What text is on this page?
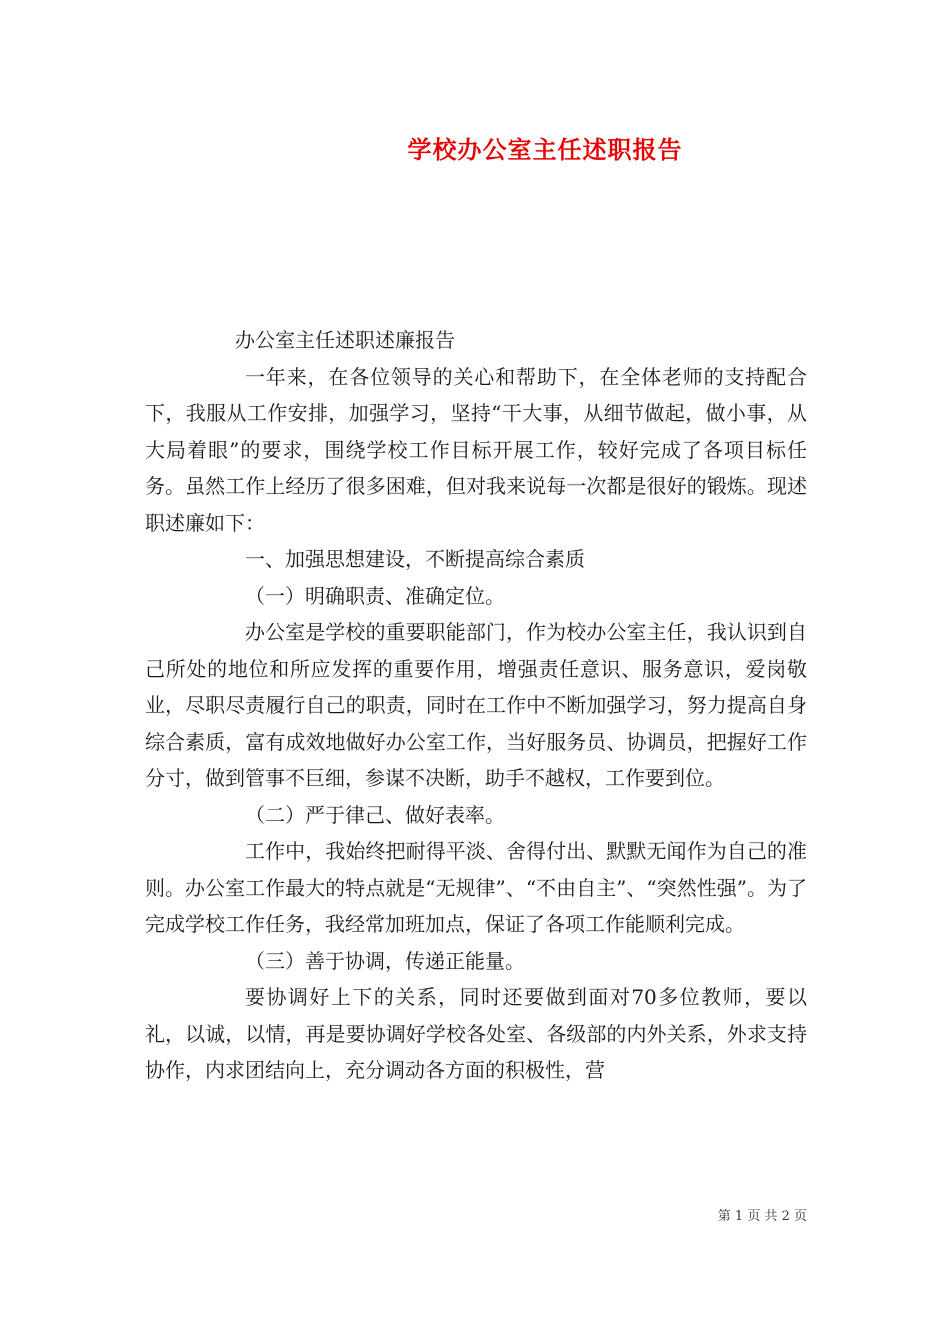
学校办公室主任述职报告

办公室主任述职述廉报告

一年来，在各位领导的关心和帮助下，在全体老师的支持配合下，我服从工作安排，加强学习，坚持“干大事，从细节做起，做小事，从大局着眼”的要求，围绕学校工作目标开展工作，较好完成了各项目标任务。虽然工作上经历了很多困难，但对我来说每一次都是很好的锻炼。现述职述廉如下：

一、加强思想建设，不断提高综合素质

（一）明确职责、准确定位。

办公室是学校的重要职能部门，作为校办公室主任，我认识到自己所处的地位和所应发挥的重要作用，增强责任意识、服务意识，爱岗敬业，尽职尽责履行自己的职责，同时在工作中不断加强学习，努力提高自身综合素质，富有成效地做好办公室工作，当好服务员、协调员，把握好工作分寸，做到管事不巨细，参谋不决断，助手不越权，工作要到位。

（二）严于律己、做好表率。

工作中，我始终把耐得平淡、舍得付出、默默无闻作为自己的准则。办公室工作最大的特点就是“无规律”、“不由自主”、“突然性强”。为了完成学校工作任务，我经常加班加点，保证了各项工作能顺利完成。

（三）善于协调，传递正能量。

要协调好上下的关系，同时还要做到面对70多位教师，要以礼，以诚，以情，再是要协调好学校各处室、各级部的内外关系，外求支持协作，内求团结向上，充分调动各方面的积极性，营

第 1 页 共 2 页
